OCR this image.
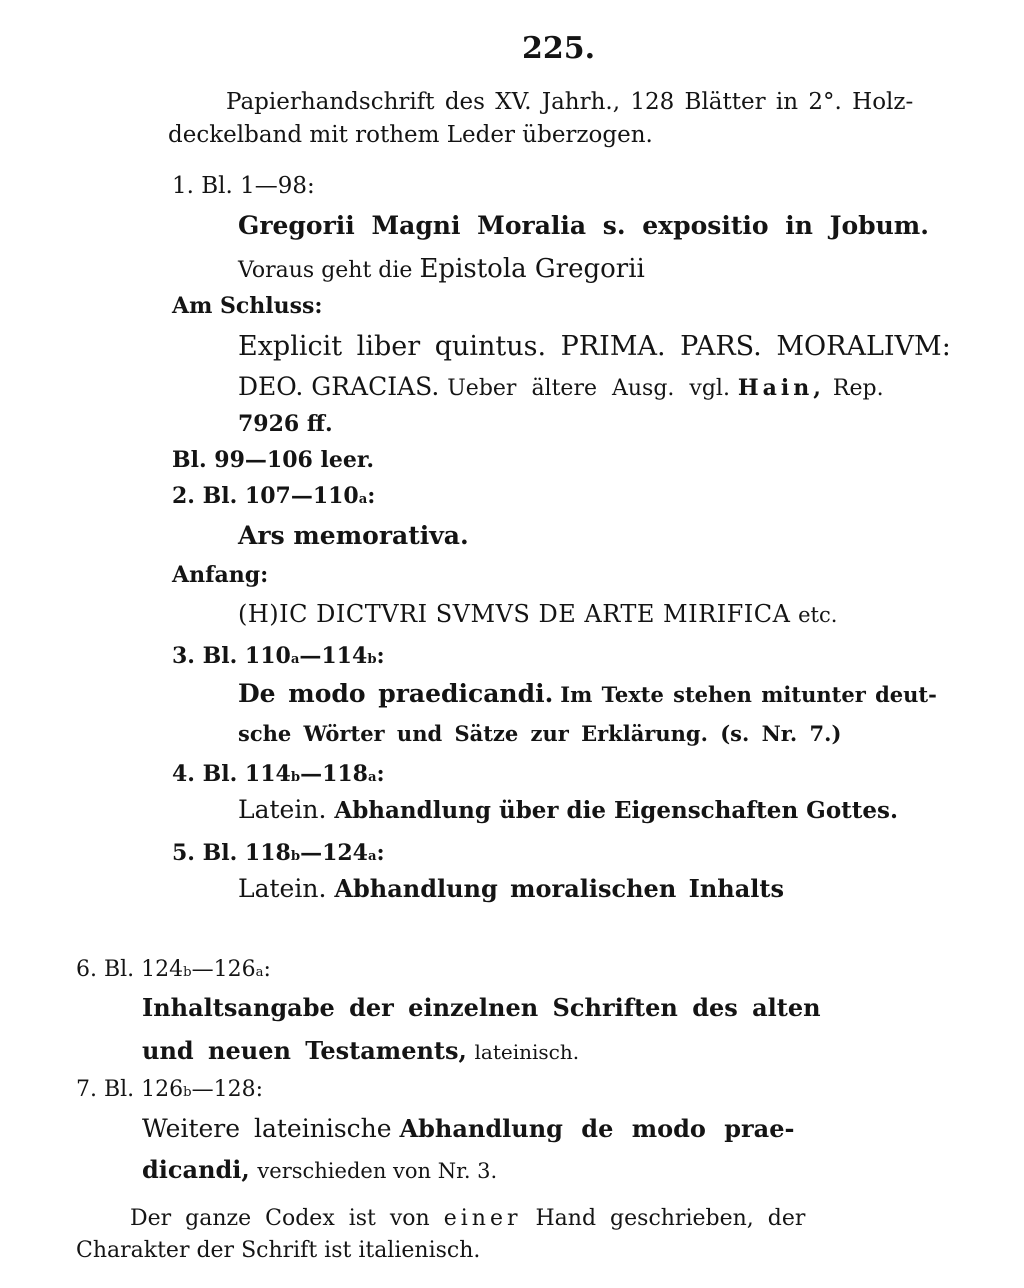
225.
Papierhandschrift des XV. Jahrh., 128 Blätter in 2°. Holz-
deckelband mit rothem Leder überzogen.
1. Bl. 1—98:
Gregorii Magni Moralia s. expositio in Jobum.
Voraus geht die Epistola Gregorii
Am Schluss:
Explicit liber quintus. PRIMA. PARS. MORALIVM:
DEO. GRACIAS. Ueber ältere Ausg. vgl. Hain, Rep.
7926 ff.
Bl. 99—106 leer.
2. Bl. 107—110$^a$:
Ars memorativa.
Anfang:
(H)IC DICTVRI SVMVS DE ARTE MIRIFICA etc.
3. Bl. 110$^a$—114$^b$:
De modo praedicandi. Im Texte stehen mitunter deut-
sche Wörter und Sätze zur Erklärung. (s. Nr. 7.)
4. Bl. 114$^b$—118$^a$:
Latein. Abhandlung über die Eigenschaften Gottes.
5. Bl. 118$^b$—124$^a$:
Latein. Abhandlung moralischen Inhalts
6. Bl. 124$^b$—126$^a$:
Inhaltsangabe der einzelnen Schriften des alten
und neuen Testaments, lateinisch.
7. Bl. 126$^b$—128:
Weitere lateinische Abhandlung de modo prae-
dicandi, verschieden von Nr. 3.
Der ganze Codex ist von einer Hand geschrieben, der
Charakter der Schrift ist italienisch.
